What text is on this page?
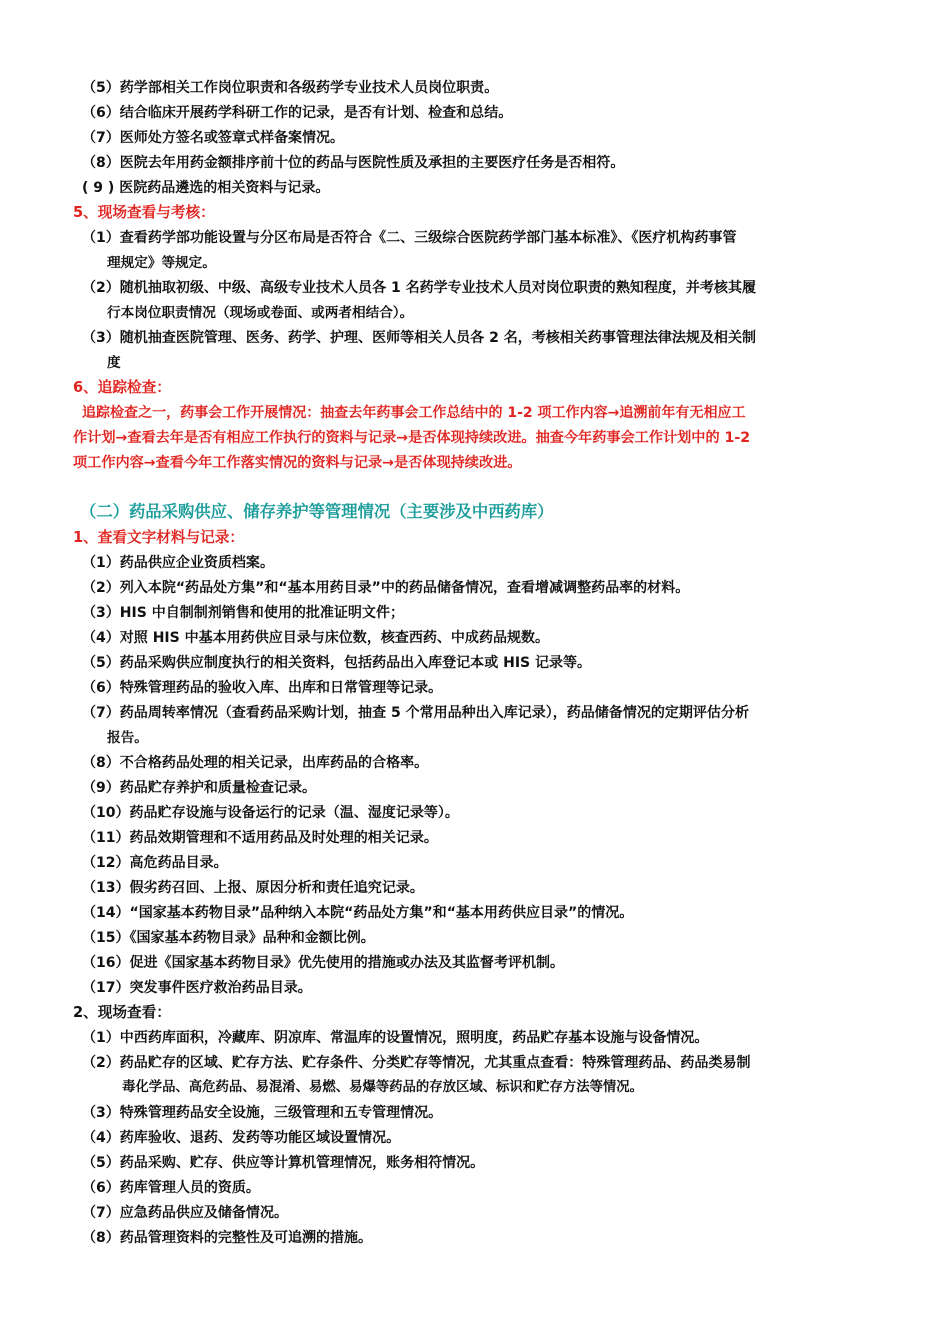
（5）药学部相关工作岗位职责和各级药学专业技术人员岗位职责。
（6）结合临床开展药学科研工作的记录，是否有计划、检查和总结。
（7）医师处方签名或签章式样备案情况。
（8）医院去年用药金额排序前十位的药品与医院性质及承担的主要医疗任务是否相符。
( 9 ) 医院药品遴选的相关资料与记录。
5、现场查看与考核：
（1）查看药学部功能设置与分区布局是否符合《二、三级综合医院药学部门基本标准》、《医疗机构药事管
理规定》等规定。
（2）随机抽取初级、中级、高级专业技术人员各 1 名药学专业技术人员对岗位职责的熟知程度，并考核其履
行本岗位职责情况（现场或卷面、或两者相结合）。
（3）随机抽查医院管理、医务、药学、护理、医师等相关人员各 2 名，考核相关药事管理法律法规及相关制
度
6、追踪检查：
追踪检查之一，药事会工作开展情况：抽查去年药事会工作总结中的 1-2 项工作内容→追溯前年有无相应工
作计划→查看去年是否有相应工作执行的资料与记录→是否体现持续改进。抽查今年药事会工作计划中的 1-2
项工作内容→查看今年工作落实情况的资料与记录→是否体现持续改进。
（二）药品采购供应、储存养护等管理情况（主要涉及中西药库）
1、查看文字材料与记录：
（1）药品供应企业资质档案。
（2）列入本院“药品处方集”和“基本用药目录”中的药品储备情况，查看增减调整药品率的材料。
（3）HIS 中自制制剂销售和使用的批准证明文件；
（4）对照 HIS 中基本用药供应目录与床位数，核查西药、中成药品规数。
（5）药品采购供应制度执行的相关资料，包括药品出入库登记本或 HIS 记录等。
（6）特殊管理药品的验收入库、出库和日常管理等记录。
（7）药品周转率情况（查看药品采购计划，抽查 5 个常用品种出入库记录），药品储备情况的定期评估分析
报告。
（8）不合格药品处理的相关记录，出库药品的合格率。
（9）药品贮存养护和质量检查记录。
（10）药品贮存设施与设备运行的记录（温、湿度记录等）。
（11）药品效期管理和不适用药品及时处理的相关记录。
（12）高危药品目录。
（13）假劣药召回、上报、原因分析和责任追究记录。
（14）“国家基本药物目录”品种纳入本院“药品处方集”和“基本用药供应目录”的情况。
（15）《国家基本药物目录》品种和金额比例。
（16）促进《国家基本药物目录》优先使用的措施或办法及其监督考评机制。
（17）突发事件医疗救治药品目录。
2、现场查看：
（1）中西药库面积，冷藏库、阴凉库、常温库的设置情况，照明度，药品贮存基本设施与设备情况。
（2）药品贮存的区域、贮存方法、贮存条件、分类贮存等情况，尤其重点查看：特殊管理药品、药品类易制
毒化学品、高危药品、易混淆、易燃、易爆等药品的存放区域、标识和贮存方法等情况。
（3）特殊管理药品安全设施，三级管理和五专管理情况。
（4）药库验收、退药、发药等功能区域设置情况。
（5）药品采购、贮存、供应等计算机管理情况，账务相符情况。
（6）药库管理人员的资质。
（7）应急药品供应及储备情况。
（8）药品管理资料的完整性及可追溯的措施。
